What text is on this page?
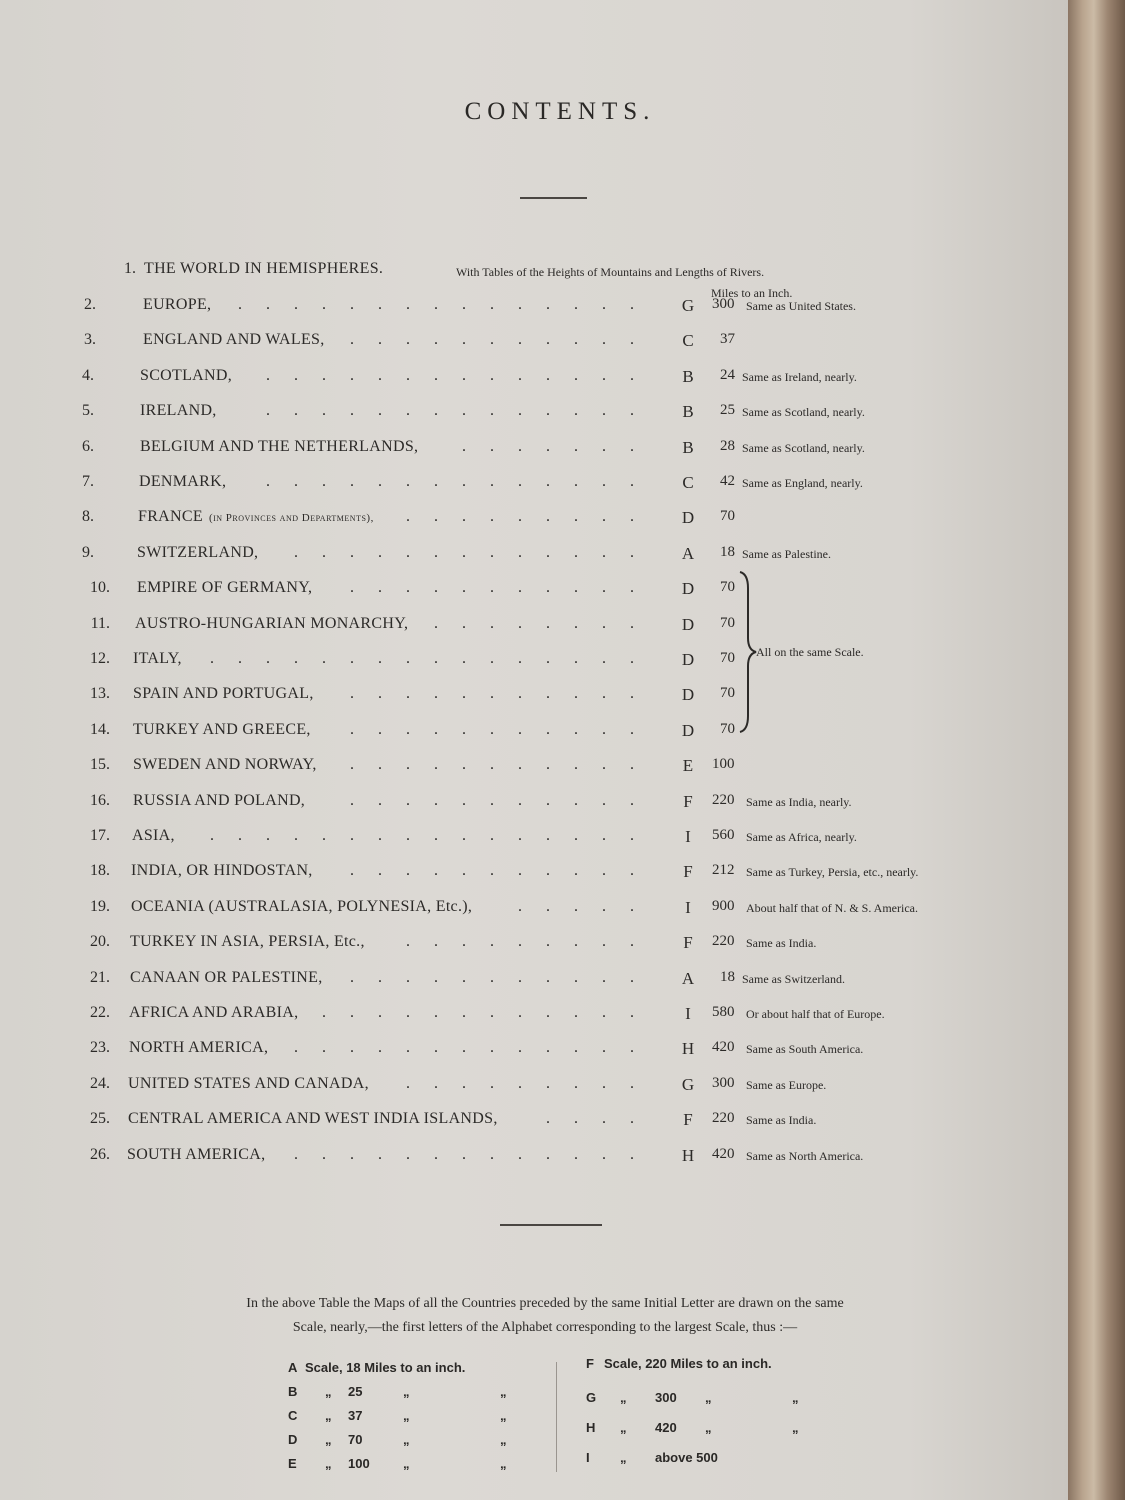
CONTENTS.
1. THE WORLD IN HEMISPHERES.	With Tables of the Heights of Mountains and Lengths of Rivers.
Miles to an Inch.
2.	EUROPE, . . . . . . . . . . . . . . .	G 300 Same as United States.
3.	ENGLAND AND WALES, . . . . . . . . . . .	C 37
4.	SCOTLAND, . . . . . . . . . . . . . .	B 24 Same as Ireland, nearly.
5.	IRELAND,	. . . . . . . . . . . . . .	B 25 Same as Scotland, nearly.
6.	BELGIUM AND THE NETHERLANDS,	. . . . . . .	B 28 Same as Scotland, nearly.
7.	DENMARK, . . . . . . . . . . . . . .	C 42 Same as England, nearly.
8.	FRANCE (in Provinces and Departments), . . . . . . . . .	D 70
9.	SWITZERLAND, . . . . . . . . . . . . .	A 18 Same as Palestine.
10. EMPIRE OF GERMANY, . . . . . . . . . . .	D 70
11. AUSTRO-HUNGARIAN MONARCHY, . . . . . . . .	D 70
12. ITALY, . . . . . . . . . . . . . . . .	D 70
13. SPAIN AND PORTUGAL, . . . . . . . . . . .	D 70
14. TURKEY AND GREECE, . . . . . . . . . . .	D 70
15. SWEDEN AND NORWAY, . . . . . . . . . . .	E	100
16. RUSSIA AND POLAND,	. . . . . . . . . . .	F	220 Same as India, nearly.
17. ASIA, . . . . . . . . . . . . . . . .	I	560 Same as Africa, nearly.
18. INDIA, OR HINDOSTAN, . . . . . . . . . . .	F	212 Same as Turkey, Persia, etc., nearly.
19. OCEANIA (AUSTRALASIA, POLYNESIA, Etc.),	. . . . .	I	900 About half that of N. & S. America.
20. TURKEY IN ASIA, PERSIA, Etc.,	. . . . . . . . .	F	220 Same as India.
21. CANAAN OR PALESTINE, . . . . . . . . . . .	A 18 Same as Switzerland.
22. AFRICA AND ARABIA, . . . . . . . . . . . .	I	580 Or about half that of Europe.
23. NORTH AMERICA, . . . . . . . . . . . . .	H 420 Same as South America.
24. UNITED STATES AND CANADA, . . . . . . . . .	G 300 Same as Europe.
25. CENTRAL AMERICA AND WEST INDIA ISLANDS,	. . . .	F	220 Same as India.
26. SOUTH AMERICA, . . . . . . . . . . . . .	H 420 Same as North America.
All on the same Scale.
In the above Table the Maps of all the Countries preceded by the same Initial Letter are drawn on the same
Scale, nearly,—the first letters of the Alphabet corresponding to the largest Scale, thus :—
A Scale, 18 Miles to an inch.
B „ 25	„	„
C „ 37	„	„
D „ 70	„	„
E „ 100	„	„
F Scale, 220 Miles to an inch.
G „ 300 „	„
H „ 420 „	„
I „ above 500
